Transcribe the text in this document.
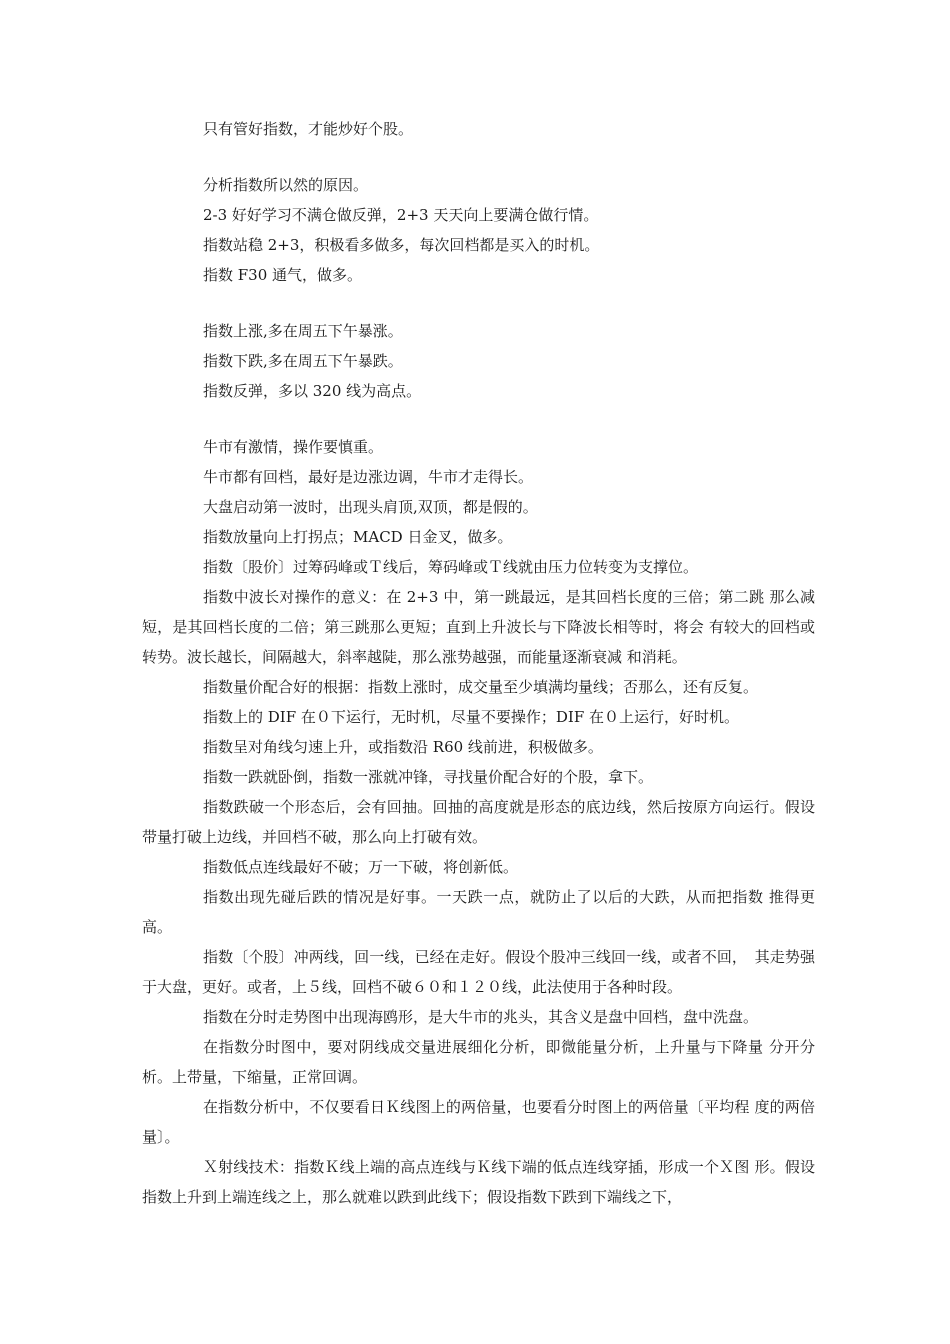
只有管好指数，才能炒好个股。

分析指数所以然的原因。

2-3 好好学习不满仓做反弹，2+3 天天向上要满仓做行情。

指数站稳 2+3，积极看多做多，每次回档都是买入的时机。

指数 F30 通气，做多。

指数上涨,多在周五下午暴涨。

指数下跌,多在周五下午暴跌。

指数反弹，多以 320 线为高点。

牛市有激情，操作要慎重。

牛市都有回档，最好是边涨边调，牛市才走得长。

大盘启动第一波时，出现头肩顶,双顶，都是假的。

指数放量向上打拐点；MACD 日金叉，做多。

指数〔股价〕过筹码峰或Ｔ线后，筹码峰或Ｔ线就由压力位转变为支撑位。

指数中波长对操作的意义：在 2+3 中，第一跳最远，是其回档长度的三倍；第二跳 那么减短，是其回档长度的二倍；第三跳那么更短；直到上升波长与下降波长相等时，将会 有较大的回档或转势。波长越长，间隔越大，斜率越陡，那么涨势越强，而能量逐渐衰减 和消耗。

指数量价配合好的根据：指数上涨时，成交量至少填满均量线；否那么，还有反复。

指数上的 DIF 在０下运行，无时机，尽量不要操作；DIF 在０上运行，好时机。

指数呈对角线匀速上升，或指数沿 R60 线前进，积极做多。

指数一跌就卧倒，指数一涨就冲锋，寻找量价配合好的个股，拿下。

指数跌破一个形态后，会有回抽。回抽的高度就是形态的底边线，然后按原方向运行。假设带量打破上边线，并回档不破，那么向上打破有效。

指数低点连线最好不破；万一下破，将创新低。

指数出现先碰后跌的情况是好事。一天跌一点，就防止了以后的大跌，从而把指数 推得更高。

指数〔个股〕冲两线，回一线，已经在走好。假设个股冲三线回一线，或者不回，　其走势强于大盘，更好。或者，上５线，回档不破６０和１２０线，此法使用于各种时段。

指数在分时走势图中出现海鸥形，是大牛市的兆头，其含义是盘中回档，盘中洗盘。

在指数分时图中，要对阴线成交量进展细化分析，即微能量分析，上升量与下降量 分开分析。上带量，下缩量，正常回调。

在指数分析中，不仅要看日Ｋ线图上的两倍量，也要看分时图上的两倍量〔平均程 度的两倍量〕。

Ｘ射线技术：指数Ｋ线上端的高点连线与Ｋ线下端的低点连线穿插，形成一个Ｘ图 形。假设指数上升到上端连线之上，那么就难以跌到此线下；假设指数下跌到下端线之下，
